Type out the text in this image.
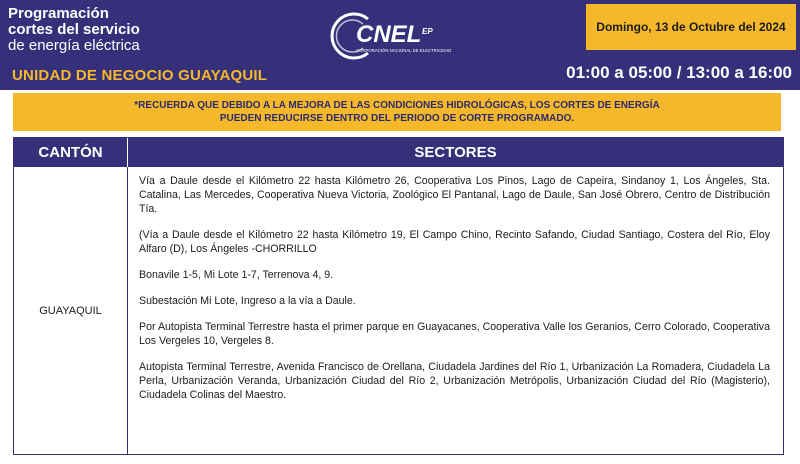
Programación
cortes del servicio
de energía eléctrica
UNIDAD DE NEGOCIO GUAYAQUIL
CNEL EP
CORPORACIÓN NACIONAL DE ELECTRICIDAD
Domingo, 13 de Octubre del 2024
01:00 a 05:00 / 13:00 a 16:00
*RECUERDA QUE DEBIDO A LA MEJORA DE LAS CONDICIONES HIDROLÓGICAS, LOS CORTES DE ENERGÍA
PUEDEN REDUCIRSE DENTRO DEL PERIODO DE CORTE PROGRAMADO.
CANTÓN	SECTORES
GUAYAQUIL

Vía a Daule desde el Kilómetro 22 hasta Kilómetro 26, Cooperativa Los Pinos, Lago de Capeira, Sindanoy 1, Los Ángeles, Sta. Catalina, Las Mercedes, Cooperativa Nueva Victoria, Zoológico El Pantanal, Lago de Daule, San José Obrero, Centro de Distribución Tía.

(Vía a Daule desde el Kilómetro 22 hasta Kilómetro 19, El Campo Chino, Recinto Safando, Ciudad Santiago, Costera del Río, Eloy Alfaro (D), Los Ángeles -CHORRILLO

Bonavile 1-5, Mi Lote 1-7, Terrenova 4, 9.

Subestación Mi Lote, Ingreso a la vía a Daule.

Por Autopista Terminal Terrestre hasta el primer parque en Guayacanes, Cooperativa Valle los Geranios, Cerro Colorado, Cooperativa Los Vergeles 10, Vergeles 8.

Autopista Terminal Terrestre, Avenida Francisco de Orellana, Ciudadela Jardines del Río 1, Urbanización La Romadera, Ciudadela La Perla, Urbanización Veranda, Urbanización Ciudad del Río 2, Urbanización Metrópolis, Urbanización Ciudad del Río (Magisterio), Ciudadela Colinas del Maestro.
